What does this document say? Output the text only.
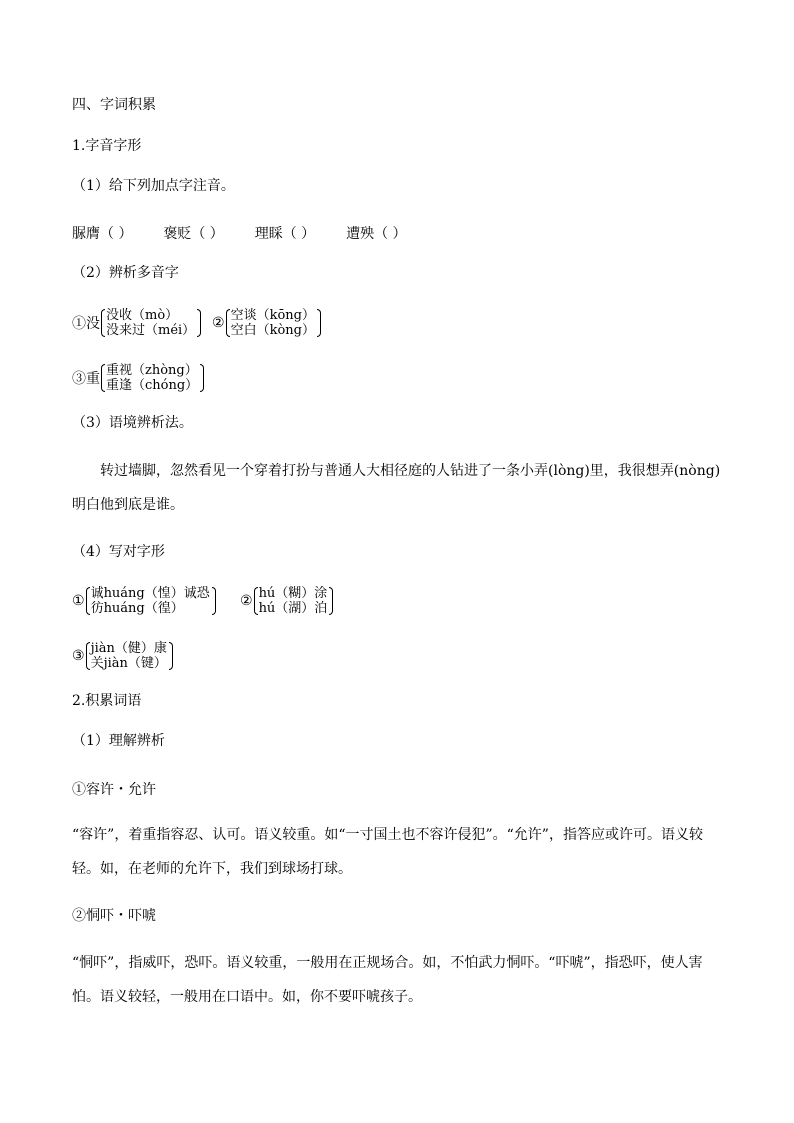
四、字词积累
1.字音字形
（1）给下列加点字注音。
脲膺（ ） 褒贬（ ） 理睬（ ） 遭殃（ ）
（2）辨析多音字
①没
没收（mò）
没来过（méi） ② 空谈（kōng）
空白（kòng）
③重
重视（zhòng）
重逢（chóng）
（3）语境辨析法。
转过墙脚，忽然看见一个穿着打扮与普通人大相径庭的人钻进了一条小弄(lòng)里，我很想弄(nòng)明白他到底是谁。
（4）写对字形
① 诚huáng（惶）诚恐
彷huáng（徨）	② hú（糊）涂
hú（湖）泊
③ jiàn（健）康
关jiàn（键）
2.积累词语
（1）理解辨析
①容许・允许
“容许”，着重指容忍、认可。语义较重。如“一寸国土也不容许侵犯”。“允许”，指答应或许可。语义较轻。如，在老师的允许下，我们到球场打球。
②恫吓・吓唬
“恫吓”，指威吓，恐吓。语义较重，一般用在正规场合。如，不怕武力恫吓。“吓唬”，指恐吓，使人害怕。语义较轻，一般用在口语中。如，你不要吓唬孩子。
